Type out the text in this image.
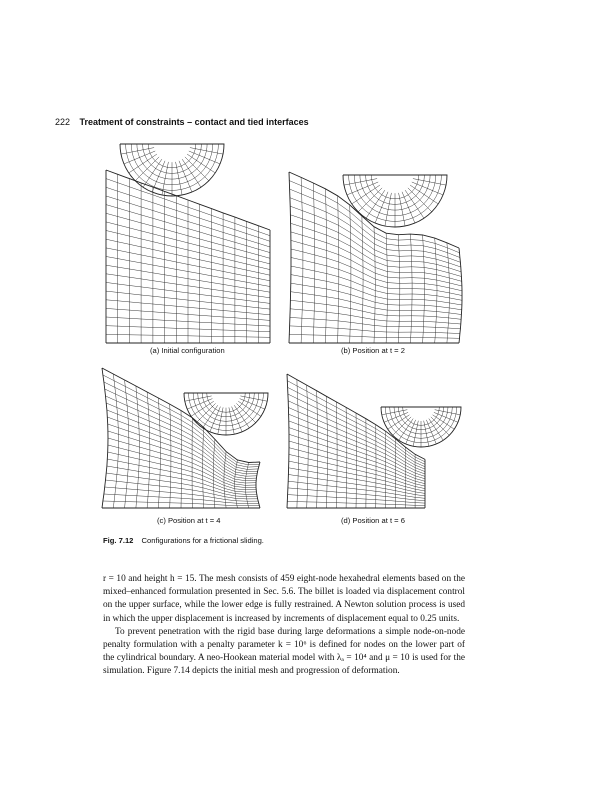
222 Treatment of constraints – contact and tied interfaces
(a) Initial configuration	(b) Position at t = 2
(c) Position at t = 4	(d) Position at t = 6
Fig. 7.12 Configurations for a frictional sliding.

r = 10 and height h = 15. The mesh consists of 459 eight-node hexahedral elements based on the mixed–enhanced formulation presented in Sec. 5.6. The billet is loaded via displacement control on the upper surface, while the lower edge is fully restrained. A Newton solution process is used in which the upper displacement is increased by increments of displacement equal to 0.25 units.

To prevent penetration with the rigid base during large deformations a simple node-on-node penalty formulation with a penalty parameter k = 10⁶ is defined for nodes on the lower part of the cylindrical boundary. A neo-Hookean material model with λₐ = 10⁴ and μ = 10 is used for the simulation. Figure 7.14 depicts the initial mesh and progression of deformation.
